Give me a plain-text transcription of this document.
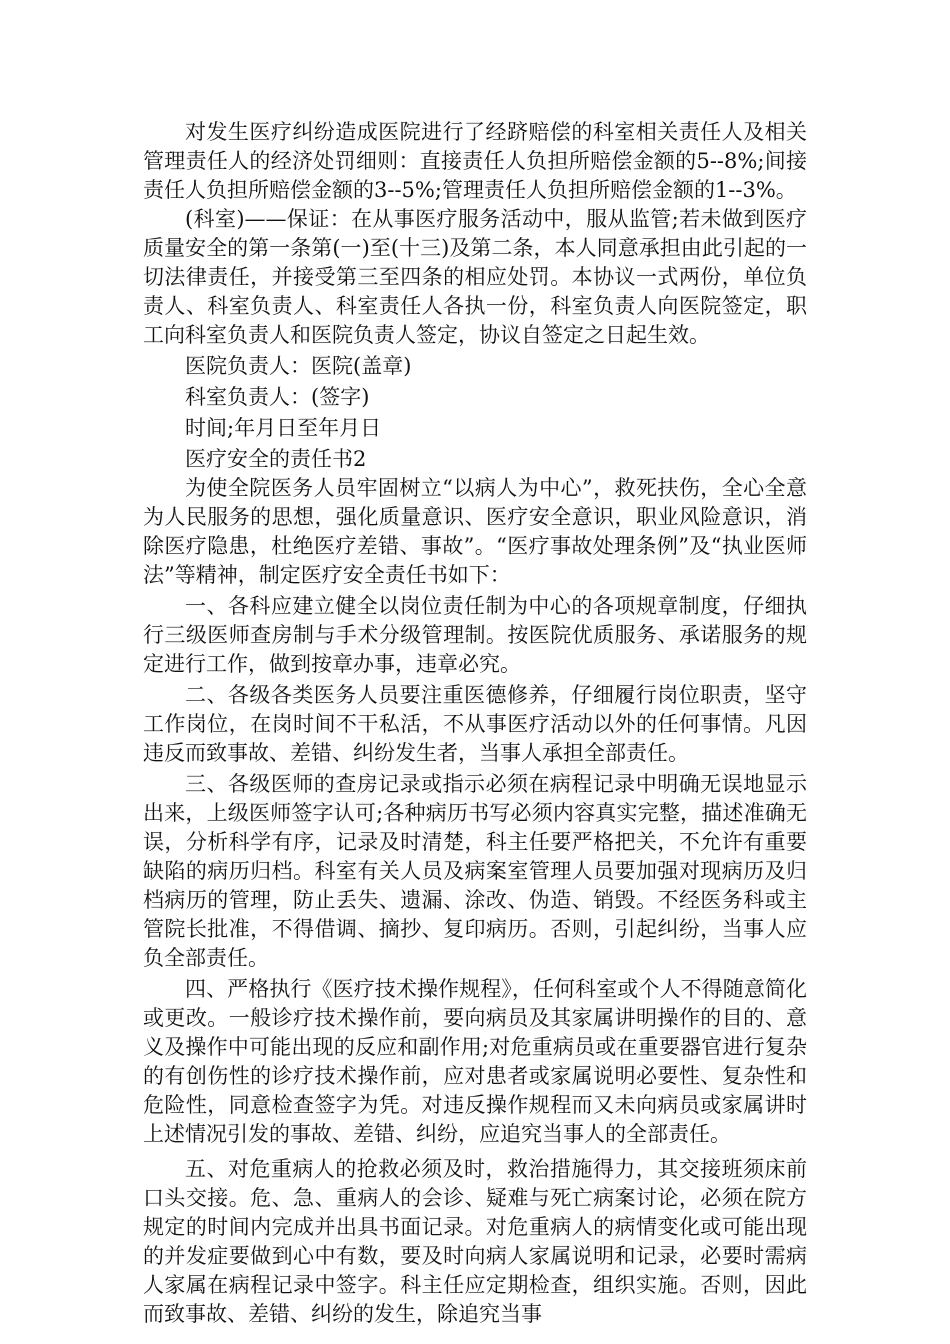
对发生医疗纠纷造成医院进行了经跻赔偿的科室相关责任人及相关管理责任人的经济处罚细则：直接责任人负担所赔偿金额的5--8%;间接责任人负担所赔偿金额的3--5%;管理责任人负担所赔偿金额的1--3%。

(科室)——保证：在从事医疗服务活动中，服从监管;若未做到医疗质量安全的第一条第(一)至(十三)及第二条，本人同意承担由此引起的一切法律责任，并接受第三至四条的相应处罚。本协议一式两份，单位负责人、科室负责人、科室责任人各执一份，科室负责人向医院签定，职工向科室负责人和医院负责人签定，协议自签定之日起生效。

医院负责人：医院(盖章)

科室负责人：(签字)

时间;年月日至年月日

医疗安全的责任书2

为使全院医务人员牢固树立“以病人为中心”，救死扶伤，全心全意为人民服务的思想，强化质量意识、医疗安全意识，职业风险意识，消除医疗隐患，杜绝医疗差错、事故”。“医疗事故处理条例”及“执业医师法”等精神，制定医疗安全责任书如下：

一、各科应建立健全以岗位责任制为中心的各项规章制度，仔细执行三级医师查房制与手术分级管理制。按医院优质服务、承诺服务的规定进行工作，做到按章办事，违章必究。

二、各级各类医务人员要注重医德修养，仔细履行岗位职责，坚守工作岗位，在岗时间不干私活，不从事医疗活动以外的任何事情。凡因违反而致事故、差错、纠纷发生者，当事人承担全部责任。

三、各级医师的查房记录或指示必须在病程记录中明确无误地显示出来，上级医师签字认可;各种病历书写必须内容真实完整，描述准确无误，分析科学有序，记录及时清楚，科主任要严格把关，不允许有重要缺陷的病历归档。科室有关人员及病案室管理人员要加强对现病历及归档病历的管理，防止丢失、遗漏、涂改、伪造、销毁。不经医务科或主管院长批准，不得借调、摘抄、复印病历。否则，引起纠纷，当事人应负全部责任。

四、严格执行《医疗技术操作规程》，任何科室或个人不得随意简化或更改。一般诊疗技术操作前，要向病员及其家属讲明操作的目的、意义及操作中可能出现的反应和副作用;对危重病员或在重要器官进行复杂的有创伤性的诊疗技术操作前，应对患者或家属说明必要性、复杂性和危险性，同意检查签字为凭。对违反操作规程而又未向病员或家属讲时上述情况引发的事故、差错、纠纷，应追究当事人的全部责任。

五、对危重病人的抢救必须及时，救治措施得力，其交接班须床前口头交接。危、急、重病人的会诊、疑难与死亡病案讨论，必须在院方规定的时间内完成并出具书面记录。对危重病人的病情变化或可能出现的并发症要做到心中有数，要及时向病人家属说明和记录，必要时需病人家属在病程记录中签字。科主任应定期检查，组织实施。否则，因此而致事故、差错、纠纷的发生，除追究当事
